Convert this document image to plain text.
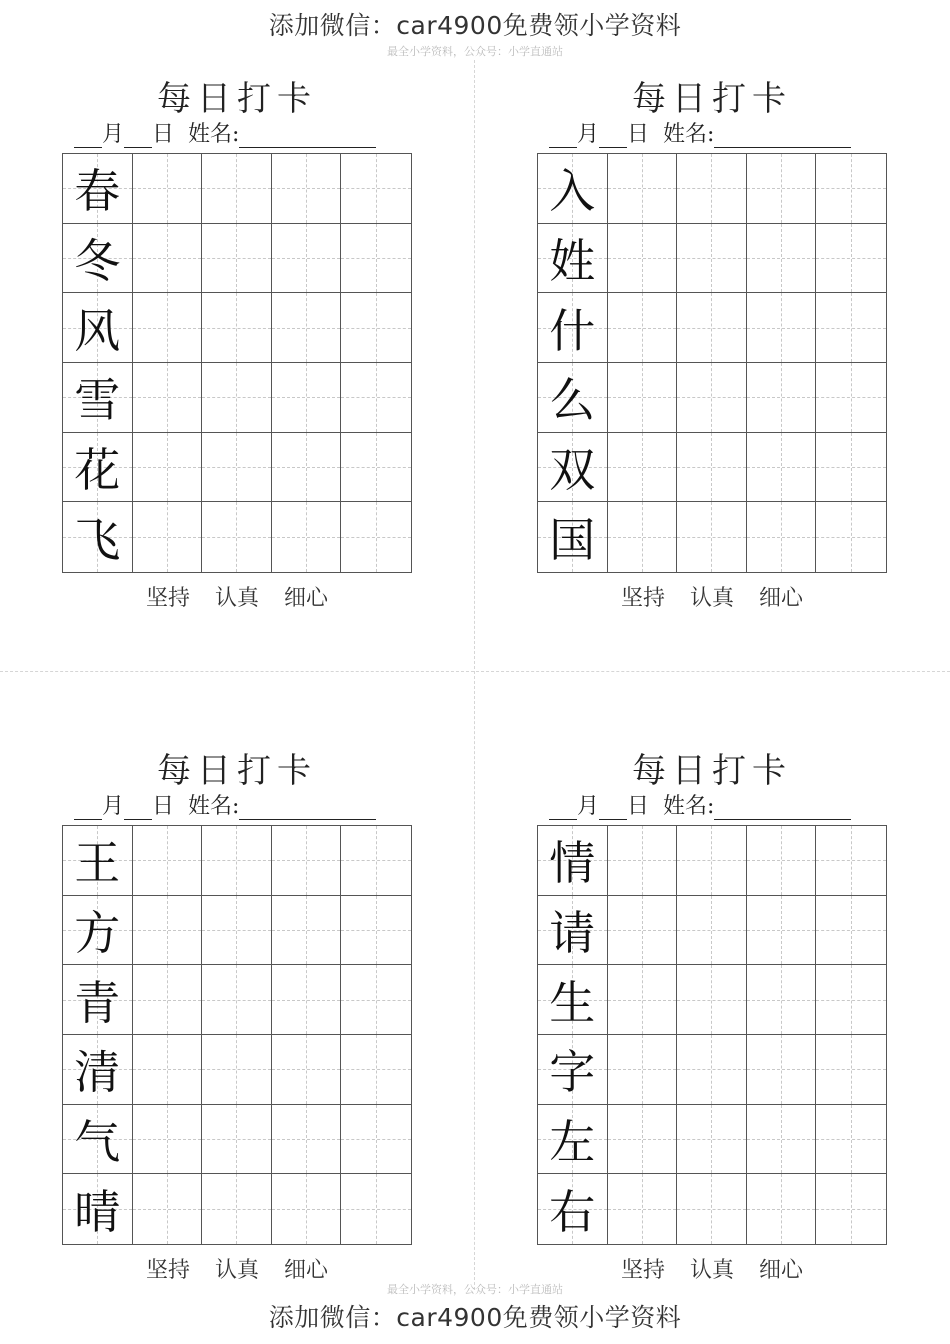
添加微信：car4900免费领小学资料
最全小学资料，公众号：小学直通站
每日打卡
月 日 姓名:
春
冬
风
雪
花
飞
坚持 认真 细心
每日打卡
月 日 姓名:
入
姓
什
么
双
国
坚持 认真 细心
每日打卡
月 日 姓名:
王
方
青
清
气
晴
坚持 认真 细心
每日打卡
月 日 姓名:
情
请
生
字
左
右
坚持 认真 细心
最全小学资料，公众号：小学直通站
添加微信：car4900免费领小学资料
